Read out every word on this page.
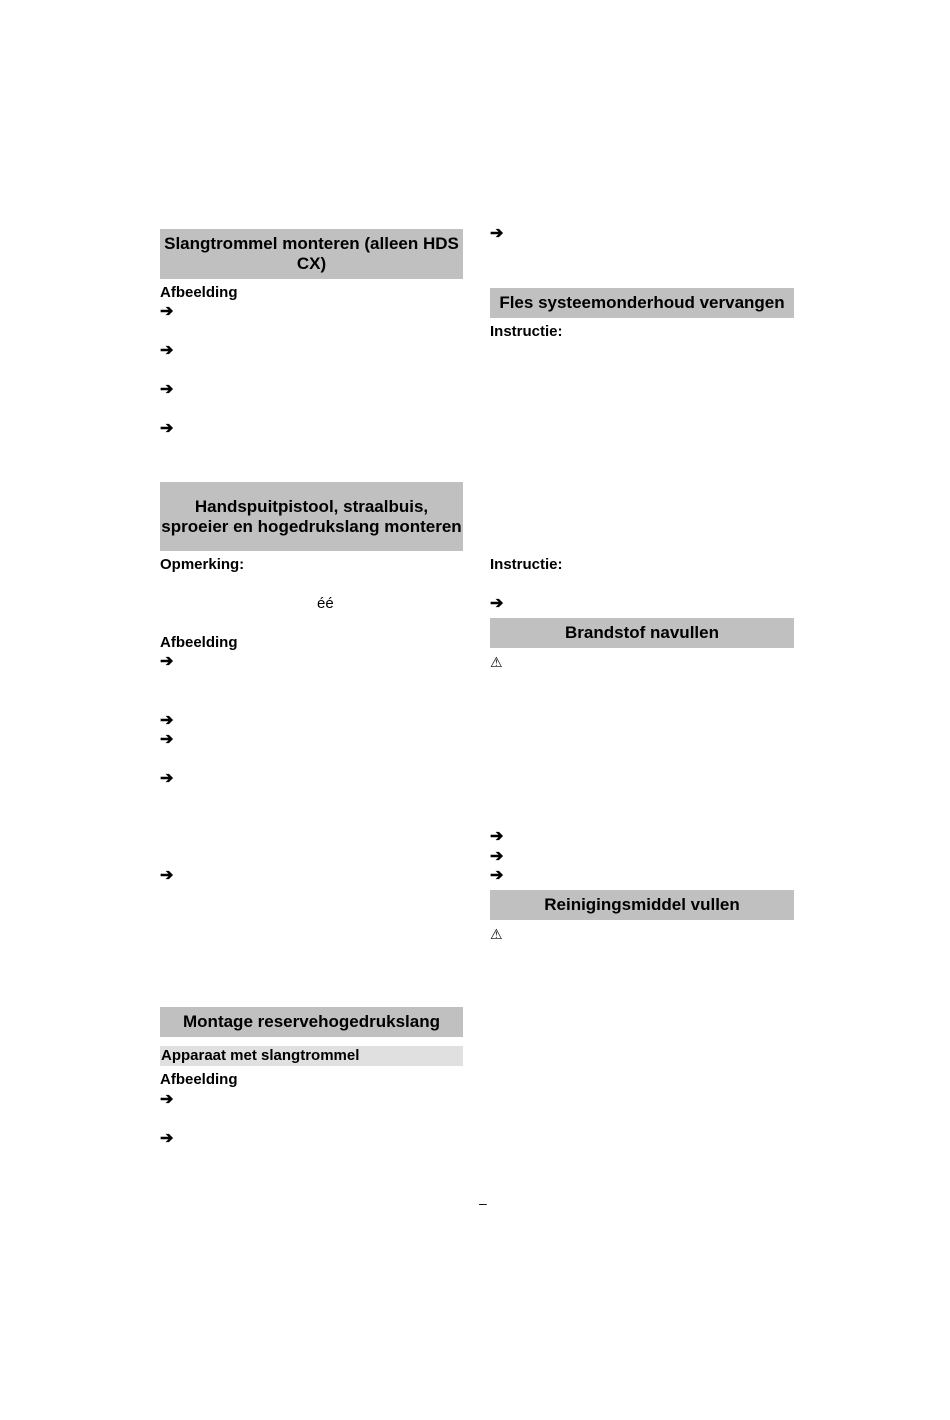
Slangtrommel monteren (alleen HDS CX)
Afbeelding
➔
➔
➔
➔
Handspuitpistool, straalbuis, sproeier en hogedrukslang monteren
Opmerking:
éé
Afbeelding
➔
➔
➔
➔
➔
Montage reservehogedrukslang
Apparaat met slangtrommel
Afbeelding
➔
➔
➔
Fles systeemonderhoud vervangen
Instructie:
Instructie:
➔
Brandstof navullen
⚠
➔
➔
➔
Reinigingsmiddel vullen
⚠
–
